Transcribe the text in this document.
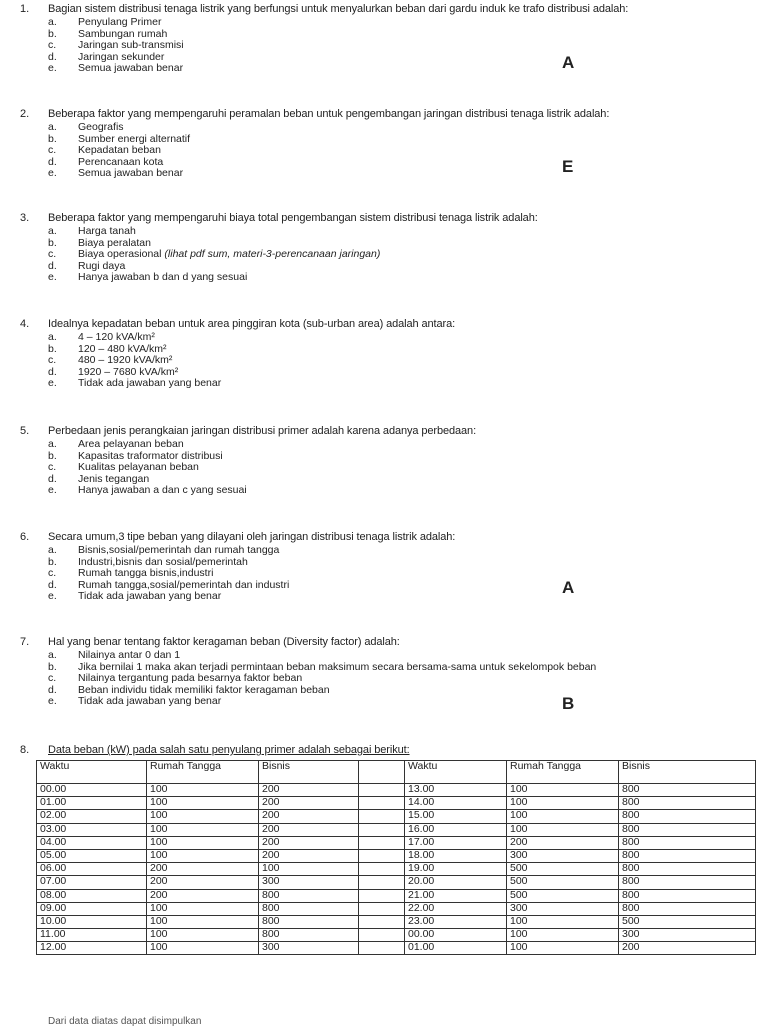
1. Bagian sistem distribusi tenaga listrik yang berfungsi untuk menyalurkan beban dari gardu induk ke trafo distribusi adalah:
a.	Penyulang Primer
b.	Sambungan rumah
c.	Jaringan sub-transmisi
d.	Jaringan sekunder
e.	Semua jawaban benar	A
2. Beberapa faktor yang mempengaruhi peramalan beban untuk pengembangan jaringan distribusi tenaga listrik adalah:
a.	Geografis
b.	Sumber energi alternatif
c.	Kepadatan beban
d.	Perencanaan kota
e.	Semua jawaban benar	E
3. Beberapa faktor yang mempengaruhi biaya total pengembangan sistem distribusi tenaga listrik adalah:
a.	Harga tanah
b.	Biaya peralatan
c.	Biaya operasional
(lihat pdf sum, materi-3-perencanaan jaringan)
d.	Rugi daya
e.	Hanya jawaban b dan d yang sesuai
4. Idealnya kepadatan beban untuk area pinggiran kota (sub-urban area) adalah antara:
a.	4 – 120 kVA/km²
b.	120 – 480 kVA/km²
c.	480 – 1920 kVA/km²
d.	1920 – 7680 kVA/km²
e.	Tidak ada jawaban yang benar
5. Perbedaan jenis perangkaian jaringan distribusi primer adalah karena adanya perbedaan:
a.	Area pelayanan beban
b.	Kapasitas traformator distribusi
c.	Kualitas pelayanan beban
d.	Jenis tegangan
e.	Hanya jawaban a dan c yang sesuai
6. Secara umum,3 tipe beban yang dilayani oleh jaringan distribusi tenaga listrik adalah:
a.	Bisnis,sosial/pemerintah dan rumah tangga
b.	Industri,bisnis dan sosial/pemerintah
c.	Rumah tangga bisnis,industri
d.	Rumah tangga,sosial/pemerintah dan industri
e.	Tidak ada jawaban yang benar	A
7. Hal yang benar tentang faktor keragaman beban (Diversity factor) adalah:
a.	Nilainya antar 0 dan 1
b.	Jika bernilai 1 maka akan terjadi permintaan beban maksimum secara bersama-sama untuk sekelompok beban
c.	Nilainya tergantung pada besarnya faktor beban
d.	Beban individu tidak memiliki faktor keragaman beban
e.	Tidak ada jawaban yang benar	B
8. Data beban (kW) pada salah satu penyulang primer adalah sebagai berikut:
Waktu	Rumah Tangga	Bisnis		Waktu	Rumah Tangga	Bisnis
00.00	100	200		13.00	100	800
01.00	100	200		14.00	100	800
02.00	100	200		15.00	100	800
03.00	100	200		16.00	100	800
04.00	100	200		17.00	200	800
05.00	100	200		18.00	300	800
06.00	200	100		19.00	500	800
07.00	200	300		20.00	500	800
08.00	200	800		21.00	500	800
09.00	100	800		22.00	300	800
10.00	100	800		23.00	100	500
11.00	100	800		00.00	100	300
12.00	100	300		01.00	100	200
Dari data diatas dapat disimpulkan
